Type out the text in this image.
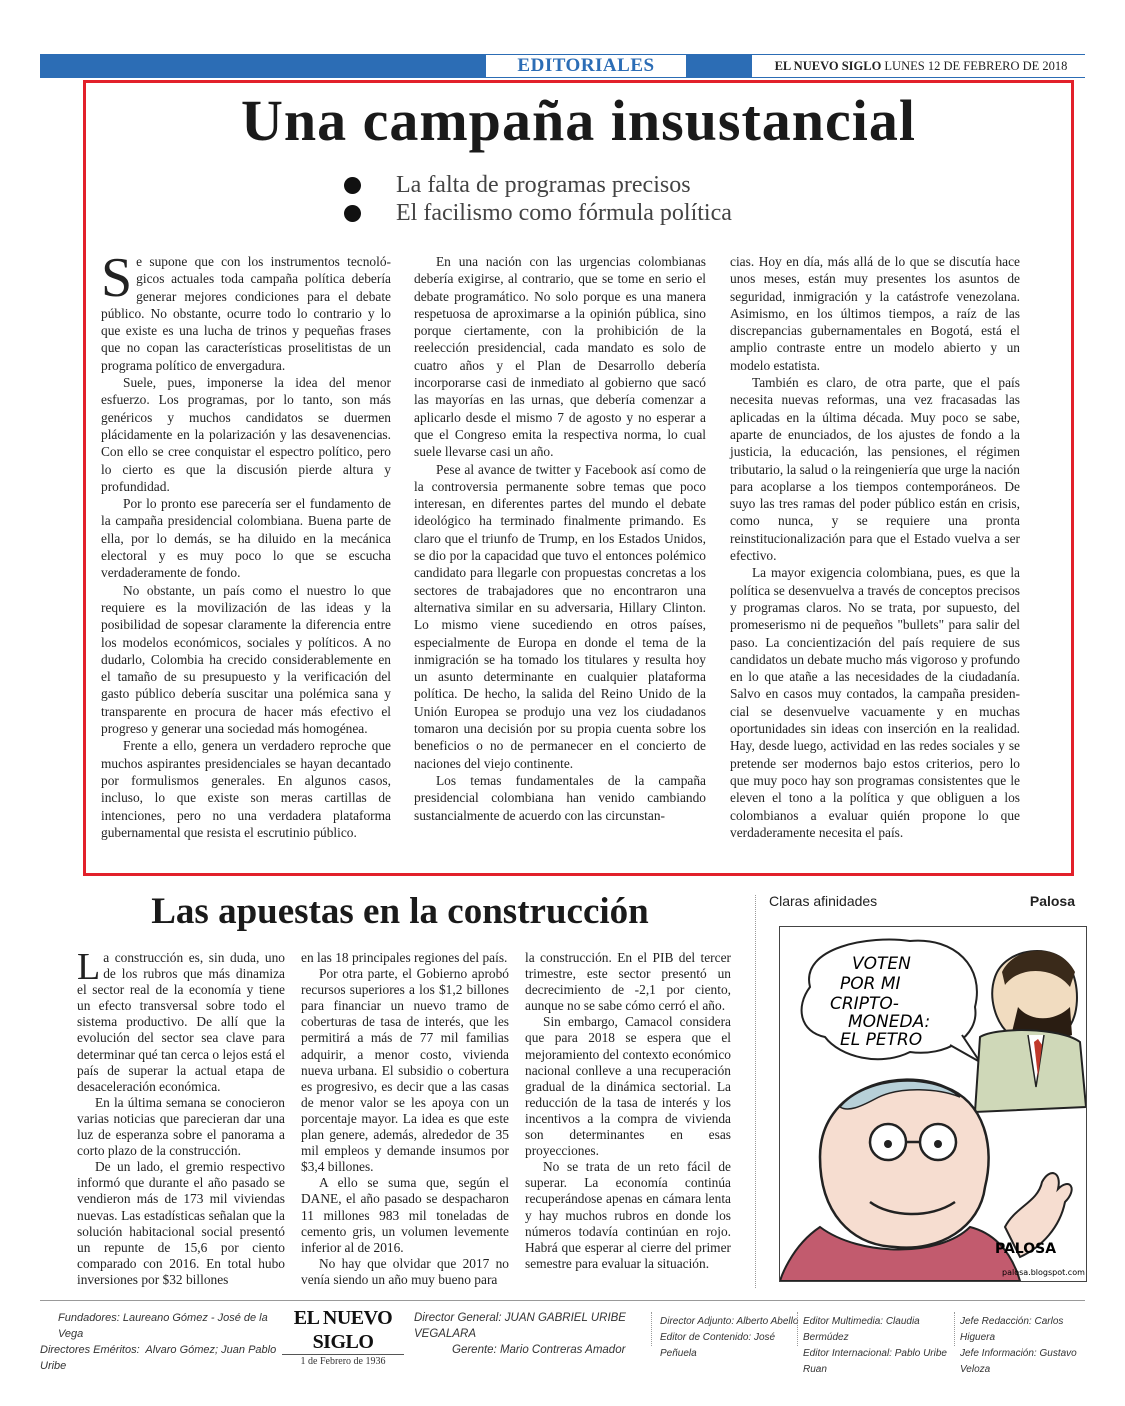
EDITORIALES	EL NUEVO SIGLO LUNES 12 DE FEBRERO DE 2018	3A
Una campaña insustancial
La falta de programas precisos
El facilismo como fórmula política

Se supone que con los instrumentos tecnológicos actuales toda campaña política debería generar mejores condiciones para el debate público. No obstante, ocurre todo lo contrario y lo que existe es una lucha de trinos y pequeñas frases que no copan las características proselitistas de un programa político de envergadura.

Suele, pues, imponerse la idea del menor esfuerzo. Los programas, por lo tanto, son más genéricos y muchos candidatos se duermen plácidamente en la polarización y las desavenencias. Con ello se cree conquistar el espectro político, pero lo cierto es que la discusión pierde altura y profundidad.

Por lo pronto ese parecería ser el fundamento de la campaña presidencial colombiana. Buena parte de ella, por lo demás, se ha diluido en la mecánica electoral y es muy poco lo que se escucha verdaderamente de fondo.

No obstante, un país como el nuestro lo que requiere es la movilización de las ideas y la posibilidad de sopesar claramente la diferencia entre los modelos económicos, sociales y políticos. A no dudarlo, Colombia ha crecido considerablemente en el tamaño de su presupuesto y la verificación del gasto público debería suscitar una polémica sana y transparente en procura de hacer más efectivo el progreso y generar una sociedad más homogénea.

Frente a ello, genera un verdadero reproche que muchos aspirantes presidenciales se hayan decantado por formulismos generales. En algunos casos, incluso, lo que existe son meras cartillas de intenciones, pero no una verdadera plataforma gubernamental que resista el escrutinio público.

En una nación con las urgencias colombianas debería exigirse, al contrario, que se tome en serio el debate programático. No solo porque es una manera respetuosa de aproximarse a la opinión pública, sino porque ciertamente, con la prohibición de la reelección presidencial, cada mandato es solo de cuatro años y el Plan de Desarrollo debería incorporarse casi de inmediato al gobierno que sacó las mayorías en las urnas, que debería comenzar a aplicarlo desde el mismo 7 de agosto y no esperar a que el Congreso emita la respectiva norma, lo cual suele llevarse casi un año.

Pese al avance de twitter y Facebook así como de la controversia permanente sobre temas que poco interesan, en diferentes partes del mundo el debate ideológico ha terminado finalmente primando. Es claro que el triunfo de Trump, en los Estados Unidos, se dio por la capacidad que tuvo el entonces polémico candidato para llegarle con propuestas concretas a los sectores de trabajadores que no encontraron una alternativa similar en su adversaria, Hillary Clinton. Lo mismo viene sucediendo en otros países, especialmente de Europa en donde el tema de la inmigración se ha tomado los titulares y resulta hoy un asunto determinante en cualquier plataforma política. De hecho, la salida del Reino Unido de la Unión Europea se produjo una vez los ciudadanos tomaron una decisión por su propia cuenta sobre los beneficios o no de permanecer en el concierto de naciones del viejo continente.

Los temas fundamentales de la campaña presidencial colombiana han venido cambiando sustancialmente de acuerdo con las circunstan-

cias. Hoy en día, más allá de lo que se discutía hace unos meses, están muy presentes los asuntos de seguridad, inmigración y la catástrofe venezolana. Asimismo, en los últimos tiempos, a raíz de las discrepancias gubernamentales en Bogotá, está el amplio contraste entre un modelo abierto y un modelo estatista.

También es claro, de otra parte, que el país necesita nuevas reformas, una vez fracasadas las aplicadas en la última década. Muy poco se sabe, aparte de enunciados, de los ajustes de fondo a la justicia, la educación, las pensiones, el régimen tributario, la salud o la reingeniería que urge la nación para acoplarse a los tiempos contemporáneos. De suyo las tres ramas del poder público están en crisis, como nunca, y se requiere una pronta reinstitucionalización para que el Estado vuelva a ser efectivo.

La mayor exigencia colombiana, pues, es que la política se desenvuelva a través de conceptos precisos y programas claros. No se trata, por supuesto, del promeserismo ni de pequeños "bullets" para salir del paso. La concientización del país requiere de sus candidatos un debate mucho más vigoroso y profundo en lo que atañe a las necesidades de la ciudadanía. Salvo en casos muy contados, la campaña presidencial se desenvuelve vacuamente y en muchas oportunidades sin ideas con inserción en la realidad. Hay, desde luego, actividad en las redes sociales y se pretende ser modernos bajo estos criterios, pero lo que muy poco hay son programas consistentes que le eleven el tono a la política y que obliguen a los colombianos a evaluar quién propone lo que verdaderamente necesita el país.

Las apuestas en la construcción

La construcción es, sin duda, uno de los rubros que más dinamiza el sector real de la economía y tiene un efecto transversal sobre todo el sistema productivo. De allí que la evolución del sector sea clave para determinar qué tan cerca o lejos está el país de superar la actual etapa de desaceleración económica.

En la última semana se conocieron varias noticias que parecieran dar una luz de esperanza sobre el panorama a corto plazo de la construcción.

De un lado, el gremio respectivo informó que durante el año pasado se vendieron más de 173 mil viviendas nuevas. Las estadísticas señalan que la solución habitacional social presentó un repunte de 15,6 por ciento comparado con 2016. En total hubo inversiones por $32 billones

en las 18 principales regiones del país.

Por otra parte, el Gobierno aprobó recursos superiores a los $1,2 billones para financiar un nuevo tramo de coberturas de tasa de interés, que les permitirá a más de 77 mil familias adquirir, a menor costo, vivienda nueva urbana. El subsidio o cobertura es progresivo, es decir que a las casas de menor valor se les apoya con un porcentaje mayor. La idea es que este plan genere, además, alrededor de 35 mil empleos y demande insumos por $3,4 billones.

A ello se suma que, según el DANE, el año pasado se despacharon 11 millones 983 mil toneladas de cemento gris, un volumen levemente inferior al de 2016.

No hay que olvidar que 2017 no venía siendo un año muy bueno para

la construcción. En el PIB del tercer trimestre, este sector presentó un decrecimiento de -2,1 por ciento, aunque no se sabe cómo cerró el año.

Sin embargo, Camacol considera que para 2018 se espera que el mejoramiento del contexto económico nacional conlleve a una recuperación gradual de la dinámica sectorial. La reducción de la tasa de interés y los incentivos a la compra de vivienda son determinantes en esas proyecciones.

No se trata de un reto fácil de superar. La economía continúa recuperándose apenas en cámara lenta y hay muchos rubros en donde los números todavía continúan en rojo. Habrá que esperar al cierre del primer semestre para evaluar la situación.

Claras afinidades	Palosa
VOTEN
POR MI
CRIPTO-
MONEDA:
EL PETRO
PALOSA
palosa.blogspot.com
Fundadores: Laureano Gómez - José de la Vega
Directores Eméritos: Alvaro Gómez; Juan Pablo Uribe
EL NUEVO SIGLO
1 de Febrero de 1936
Director General: JUAN GABRIEL URIBE VEGALARA
Gerente: Mario Contreras Amador
Director Adjunto: Alberto Abello
Editor de Contenido: José Peñuela
Editor Multimedia: Claudia Bermúdez
Editor Internacional: Pablo Uribe Ruan
Jefe Redacción: Carlos Higuera
Jefe Información: Gustavo Veloza
